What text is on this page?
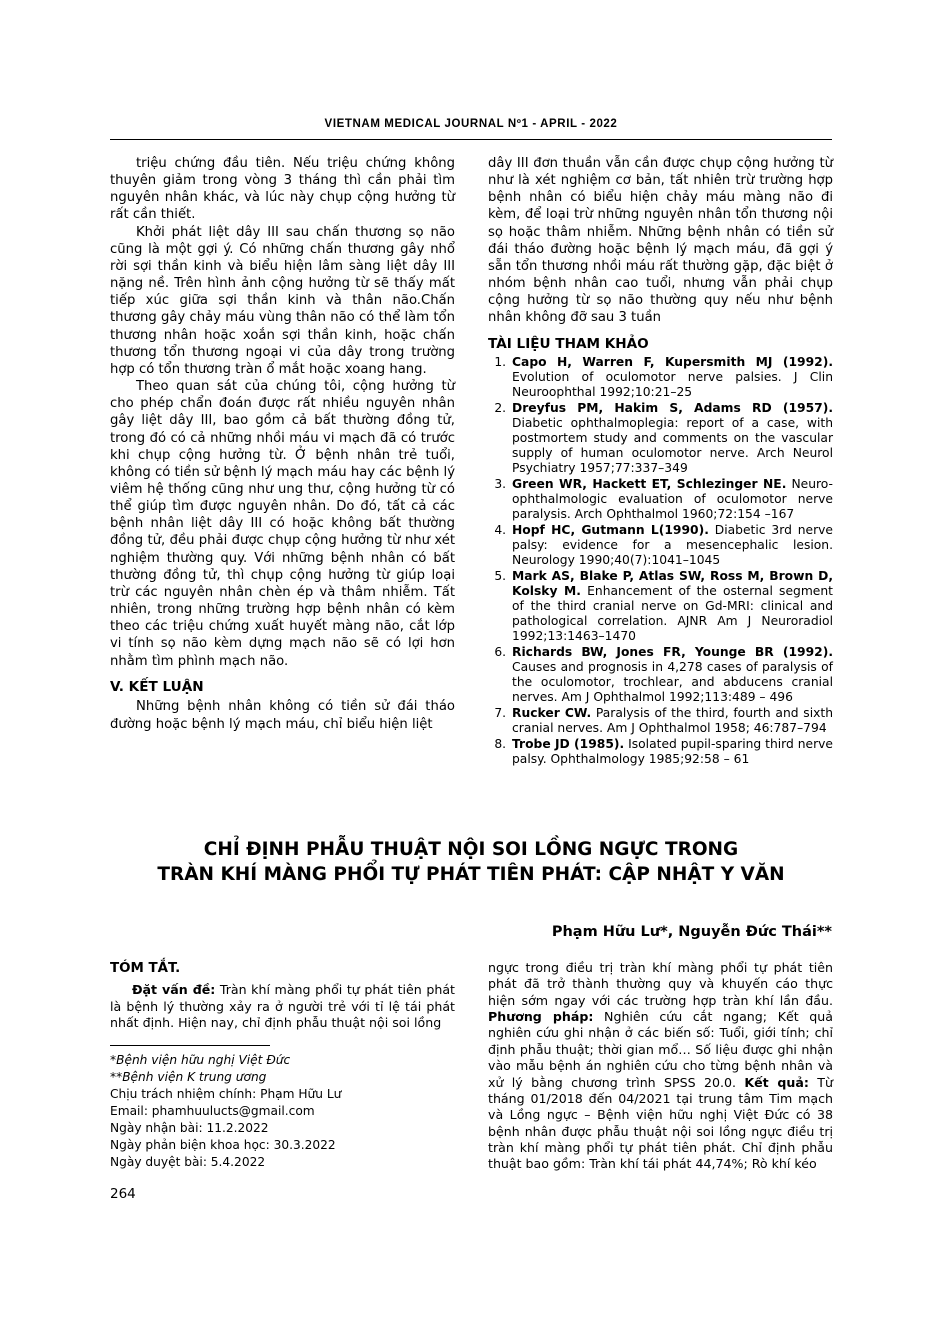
VIETNAM MEDICAL JOURNAL Nº1 - APRIL - 2022

triệu chứng đầu tiên. Nếu triệu chứng không thuyên giảm trong vòng 3 tháng thì cần phải tìm nguyên nhân khác, và lúc này chụp cộng hưởng từ rất cần thiết.

Khởi phát liệt dây III sau chấn thương sọ não cũng là một gợi ý. Có những chấn thương gây nhổ rời sợi thần kinh và biểu hiện lâm sàng liệt dây III nặng nề. Trên hình ảnh cộng hưởng từ sẽ thấy mất tiếp xúc giữa sợi thần kinh và thân não.Chấn thương gây chảy máu vùng thân não có thể làm tổn thương nhân hoặc xoắn sợi thần kinh, hoặc chấn thương tổn thương ngoại vi của dây trong trường hợp có tổn thương tràn ổ mắt hoặc xoang hang.

Theo quan sát của chúng tôi, cộng hưởng từ cho phép chẩn đoán được rất nhiều nguyên nhân gây liệt dây III, bao gồm cả bất thường đồng tử, trong đó có cả những nhồi máu vi mạch đã có trước khi chụp cộng hưởng từ. Ở bệnh nhân trẻ tuổi, không có tiền sử bệnh lý mạch máu hay các bệnh lý viêm hệ thống cũng như ung thư, cộng hưởng từ có thể giúp tìm được nguyên nhân. Do đó, tất cả các bệnh nhân liệt dây III có hoặc không bất thường đồng tử, đều phải được chụp cộng hưởng từ như xét nghiệm thường quy. Với những bệnh nhân có bất thường đồng tử, thì chụp cộng hưởng từ giúp loại trừ các nguyên nhân chèn ép và thâm nhiễm. Tất nhiên, trong những trường hợp bệnh nhân có kèm theo các triệu chứng xuất huyết màng não, cắt lớp vi tính sọ não kèm dựng mạch não sẽ có lợi hơn nhằm tìm phình mạch não.

V. KẾT LUẬN

Những bệnh nhân không có tiền sử đái tháo đường hoặc bệnh lý mạch máu, chỉ biểu hiện liệt

dây III đơn thuần vẫn cần được chụp cộng hưởng từ như là xét nghiệm cơ bản, tất nhiên trừ trường hợp bệnh nhân có biểu hiện chảy máu màng não đi kèm, để loại trừ những nguyên nhân tổn thương nội sọ hoặc thâm nhiễm. Những bệnh nhân có tiền sử đái tháo đường hoặc bệnh lý mạch máu, đã gợi ý sẵn tổn thương nhồi máu rất thường gặp, đặc biệt ở nhóm bệnh nhân cao tuổi, nhưng vẫn phải chụp cộng hưởng từ sọ não thường quy nếu như bệnh nhân không đỡ sau 3 tuần

TÀI LIỆU THAM KHẢO
1. Capo H, Warren F, Kupersmith MJ (1992). Evolution of oculomotor nerve palsies. J Clin Neuroophthal 1992;10:21–25
2. Dreyfus PM, Hakim S, Adams RD (1957). Diabetic ophthalmoplegia: report of a case, with postmortem study and comments on the vascular supply of human oculomotor nerve. Arch Neurol Psychiatry 1957;77:337–349
3. Green WR, Hackett ET, Schlezinger NE. Neuro-ophthalmologic evaluation of oculomotor nerve paralysis. Arch Ophthalmol 1960;72:154 –167
4. Hopf HC, Gutmann L(1990). Diabetic 3rd nerve palsy: evidence for a mesencephalic lesion. Neurology 1990;40(7):1041–1045
5. Mark AS, Blake P, Atlas SW, Ross M, Brown D, Kolsky M. Enhancement of the osternal segment of the third cranial nerve on Gd-MRI: clinical and pathological correlation. AJNR Am J Neuroradiol 1992;13:1463–1470
6. Richards BW, Jones FR, Younge BR (1992). Causes and prognosis in 4,278 cases of paralysis of the oculomotor, trochlear, and abducens cranial nerves. Am J Ophthalmol 1992;113:489 – 496
7. Rucker CW. Paralysis of the third, fourth and sixth cranial nerves. Am J Ophthalmol 1958; 46:787–794
8. Trobe JD (1985). Isolated pupil-sparing third nerve palsy. Ophthalmology 1985;92:58 – 61
CHỈ ĐỊNH PHẪU THUẬT NỘI SOI LỒNG NGỰC TRONG
TRÀN KHÍ MÀNG PHỔI TỰ PHÁT TIÊN PHÁT: CẬP NHẬT Y VĂN
Phạm Hữu Lư*, Nguyễn Đức Thái**
TÓM TẮT.

Đặt vấn đề: Tràn khí màng phổi tự phát tiên phát là bệnh lý thường xảy ra ở người trẻ với tỉ lệ tái phát nhất định. Hiện nay, chỉ định phẫu thuật nội soi lồng

ngực trong điều trị tràn khí màng phổi tự phát tiên phát đã trở thành thường quy và khuyến cáo thực hiện sớm ngay với các trường hợp tràn khí lần đầu. Phương pháp: Nghiên cứu cắt ngang; Kết quả nghiên cứu ghi nhận ở các biến số: Tuổi, giới tính; chỉ định phẫu thuật; thời gian mổ… Số liệu được ghi nhận vào mẫu bệnh án nghiên cứu cho từng bệnh nhân và xử lý bằng chương trình SPSS 20.0. Kết quả: Từ tháng 01/2018 đến 04/2021 tại trung tâm Tim mạch và Lồng ngực – Bệnh viện hữu nghị Việt Đức có 38 bệnh nhân được phẫu thuật nội soi lồng ngực điều trị tràn khí màng phổi tự phát tiên phát. Chỉ định phẫu thuật bao gồm: Tràn khí tái phát 44,74%; Rò khí kéo

*Bệnh viện hữu nghị Việt Đức
**Bệnh viện K trung ương
Chịu trách nhiệm chính: Phạm Hữu Lư
Email: phamhuulucts@gmail.com
Ngày nhận bài: 11.2.2022
Ngày phản biện khoa học: 30.3.2022
Ngày duyệt bài: 5.4.2022
264
